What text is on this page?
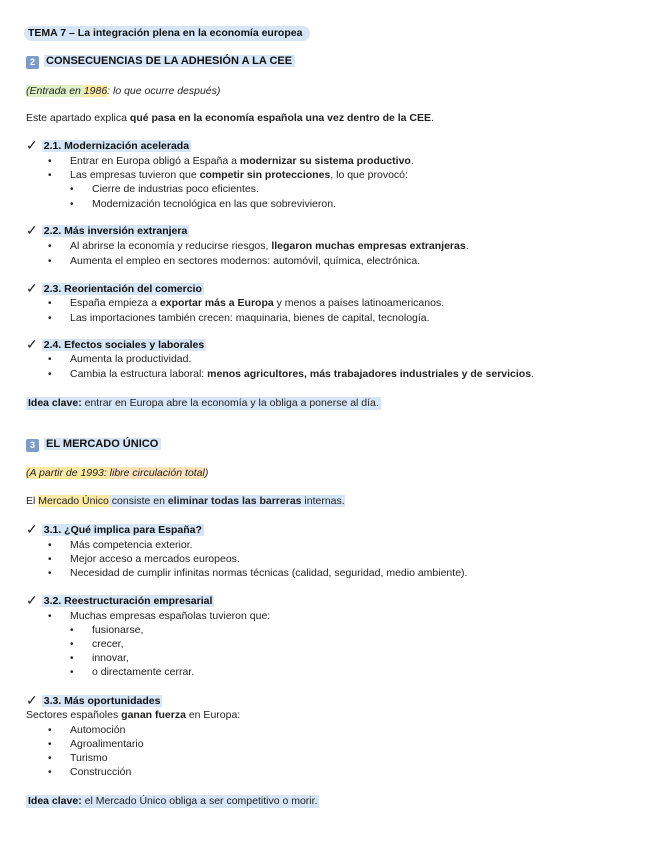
TEMA 7 – La integración plena en la economía europea
2 CONSECUENCIAS DE LA ADHESIÓN A LA CEE
(Entrada en 1986: lo que ocurre después)
Este apartado explica qué pasa en la economía española una vez dentro de la CEE.
✓ 2.1. Modernización acelerada
• Entrar en Europa obligó a España a modernizar su sistema productivo.
• Las empresas tuvieron que competir sin protecciones, lo que provocó:
• Cierre de industrias poco eficientes.
• Modernización tecnológica en las que sobrevivieron.
✓ 2.2. Más inversión extranjera
• Al abrirse la economía y reducirse riesgos, llegaron muchas empresas extranjeras.
• Aumenta el empleo en sectores modernos: automóvil, química, electrónica.
✓ 2.3. Reorientación del comercio
• España empieza a exportar más a Europa y menos a países latinoamericanos.
• Las importaciones también crecen: maquinaria, bienes de capital, tecnología.
✓ 2.4. Efectos sociales y laborales
• Aumenta la productividad.
• Cambia la estructura laboral: menos agricultores, más trabajadores industriales y de servicios.
Idea clave: entrar en Europa abre la economía y la obliga a ponerse al día.
3 EL MERCADO ÚNICO
(A partir de 1993: libre circulación total)
El Mercado Único consiste en eliminar todas las barreras internas.
✓ 3.1. ¿Qué implica para España?
• Más competencia exterior.
• Mejor acceso a mercados europeos.
• Necesidad de cumplir infinitas normas técnicas (calidad, seguridad, medio ambiente).
✓ 3.2. Reestructuración empresarial
• Muchas empresas españolas tuvieron que:
• fusionarse,
• crecer,
• innovar,
• o directamente cerrar.
✓ 3.3. Más oportunidades
Sectores españoles ganan fuerza en Europa:
• Automoción
• Agroalimentario
• Turismo
• Construcción
Idea clave: el Mercado Único obliga a ser competitivo o morir.
